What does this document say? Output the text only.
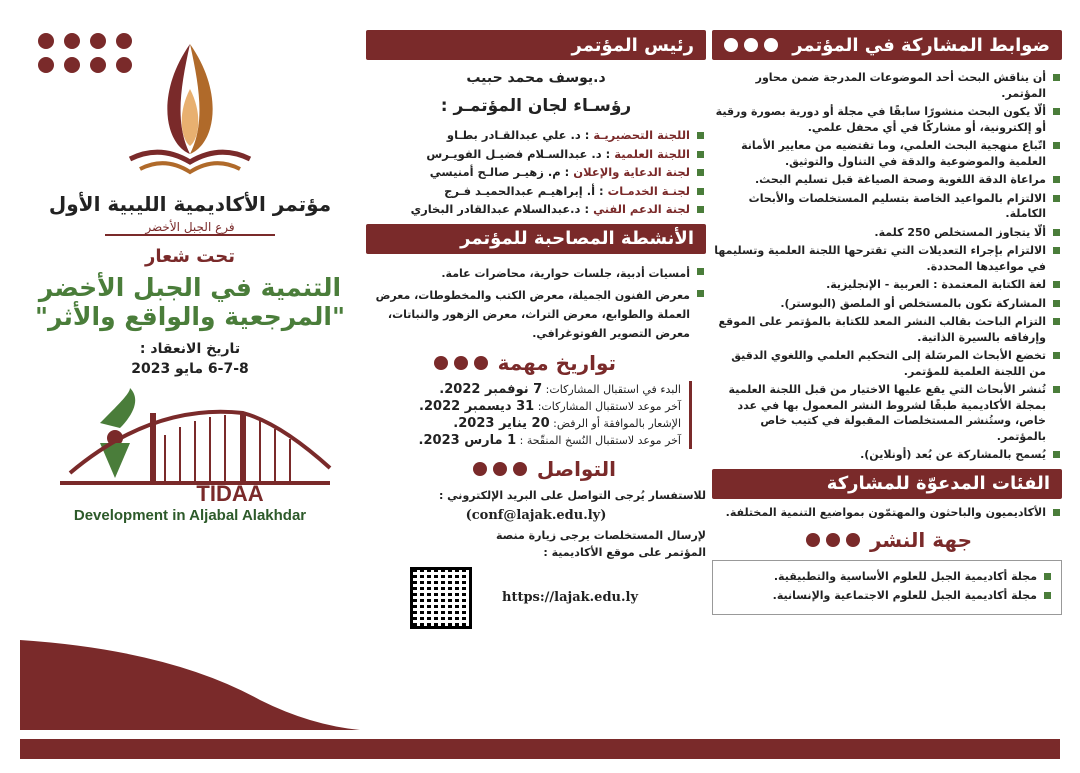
ضوابط المشاركة في المؤتمر
أن يناقش البحث أحد الموضوعات المدرجة ضمن محاور المؤتمر.
ألّا يكون البحث منشورًا سابقًا في مجلة أو دورية بصورة ورقية أو إلكترونية، أو مشاركًا في أي محفل علمي.
اتّباع منهجية البحث العلمي، وما تقتضيه من معايير الأمانة العلمية والموضوعية والدقة في التناول والتوثيق.
مراعاة الدقة اللغوية وصحة الصياغة قبل تسليم البحث.
الالتزام بالمواعيد الخاصة بتسليم المستخلصات والأبحاث الكاملة.
ألّا يتجاوز المستخلص 250 كلمة.
الالتزام بإجراء التعديلات التي تقترحها اللجنة العلمية وتسليمها في مواعيدها المحددة.
لغة الكتابة المعتمدة : العربية - الإنجليزية.
المشاركة تكون بالمستخلص أو الملصق (البوستر).
التزام الباحث بقالب النشر المعد للكتابة بالمؤتمر على الموقع وإرفاقه بالسيرة الذاتية.
تخضع الأبحاث المرسَلة إلى التحكيم العلمي واللغوي الدقيق من اللجنة العلمية للمؤتمر.
تُنشر الأبحاث التي يقع عليها الاختيار من قبل اللجنة العلمية بمجلة الأكاديمية طبقًا لشروط النشر المعمول بها في عدد خاص، وستُنشر المستخلصات المقبولة في كتيب خاص بالمؤتمر.
يُسمح بالمشاركة عن بُعد (أونلاين).
الفئات المدعوّة للمشاركة
الأكاديميون والباحثون والمهتمّون بمواضيع التنمية المختلفة.
جهة النشر
مجلة أكاديمية الجبل للعلوم الأساسية والتطبيقية.
مجلة أكاديمية الجبل للعلوم الاجتماعية والإنسانية.
رئيس المؤتمر
د.يوسف محمد حبيب
رؤسـاء لجان المؤتمـر :
اللجنة التحضيريـة : د. علي عبدالقـادر بطـاو
اللجنة العلمية : د. عبدالسـلام فضيـل الفويـرس
لجنة الدعاية والإعلان : م. زهيـر صالـح أمنيسي
لجنـة الخدمـات : أ. إبراهيـم عبدالحميـد فـرج
لجنة الدعم الفني : د.عبدالسلام عبدالقادر البخاري
الأنشطة المصاحبة للمؤتمر
أمسيات أدبية، جلسات حوارية، محاضرات عامة.
معرض الفنون الجميلة، معرض الكتب والمخطوطات، معرض العملة والطوابع، معرض التراث، معرض الزهور والنباتات، معرض التصوير الفوتوغرافي.
تواريخ مهمة
البدء في استقبال المشاركات: 7 نوفمبر 2022.
آخر موعد لاستقبال المشاركات: 31 ديسمبر 2022.
الإشعار بالموافقة أو الرفض: 20 يناير 2023.
آخر موعد لاستقبال النُسخ المنقّحة : 1 مارس 2023.
التواصل
للاستفسار يُرجى التواصل على البريد الإلكتروني :
(conf@lajak.edu.ly)
لإرسال المستخلصات يرجى زيارة منصة المؤتمر على موقع الأكاديمية :
https://lajak.edu.ly
مؤتمر الأكاديمية الليبية الأول
فرع الجبل الأخضر
تحت شعار
التنمية في الجبل الأخضر
"المرجعية والواقع والأثر"
تاريخ الانعقاد :
6-7-8 مايو 2023
TIDAA
Development in Aljabal Alakhdar
